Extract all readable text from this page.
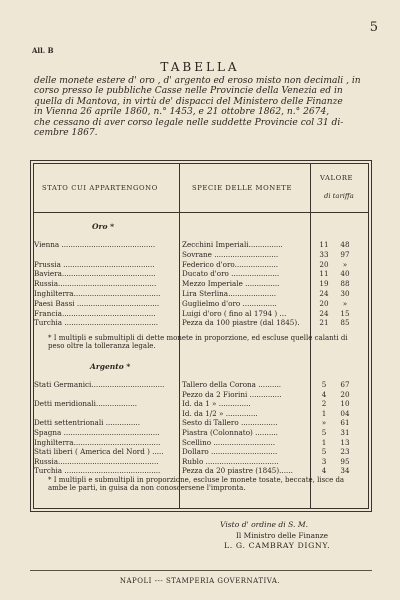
5
All. B
TABELLA
delle monete estere d' oro , d' argento ed eroso misto non decimali , in
corso presso le pubbliche Casse nelle Provincie della Venezia ed in
quella di Mantova, in virtù de' dispacci del Ministero delle Finanze
in Vienna 26 aprile 1860, n.° 1453, e 21 ottobre 1862, n.° 2674,
che cessano di aver corso legale nelle suddette Provincie col 31 di-
cembre 1867.
STATO CUI APPARTENGONO	SPECIE DELLE MONETE
VALORE
di tariffa
Oro *
Vienna .........................................	Zecchini Imperiali...............	11	48
Sovrane ............................	33	97
Prussia ........................................	Federico d'oro...................	20	»
Baviera.........................................	Ducato d'oro .....................	11	40
Russia...........................................	Mezzo Imperiale ...............	19	88
Inghilterra......................................	Lira Sterlina.....................	24	30
Paesi Bassi ....................................	Guglielmo d'oro ...............	20	»
Francia.........................................	Luigi d'oro ( fino al 1794 ) ...	24	15
Turchia .........................................	Pezza da 100 piastre (dal 1845).	21	85
* I multipli e submultipli di dette monete in proporzione, ed escluse quelle calanti di peso oltre la tolleranza legale.
Argento *
Stati Germanici................................	Tallero della Corona ..........	5	67
Pezzo da 2 Fiorini ..............	4	20
Detti meridionali..................	Id. da 1 » ..............	2	10
Id. da 1/2 » ..............	1	04
Detti settentrionali ...............	Sesto di Tallero ................	»	61
Spagna ..........................................	Piastra (Colonnato) ..........	5	31
Inghilterra......................................	Scellino ...........................	1	13
Stati liberi ( America del Nord ) .....	Dollaro .............................	5	23
Russia............................................	Rublo ................................	3	95
Turchia ..........................................	Pezza da 20 piastre (1845)......	4	34
* I multipli e submultipli in proporzione, escluse le monete tosate, beccate, lisce da ambe le parti, in guisa da non conoscersene l'impronta.
Visto d' ordine di S. M.
Il Ministro delle Finanze
L. G. CAMBRAY DIGNY.
NAPOLI --- STAMPERIA GOVERNATIVA.
